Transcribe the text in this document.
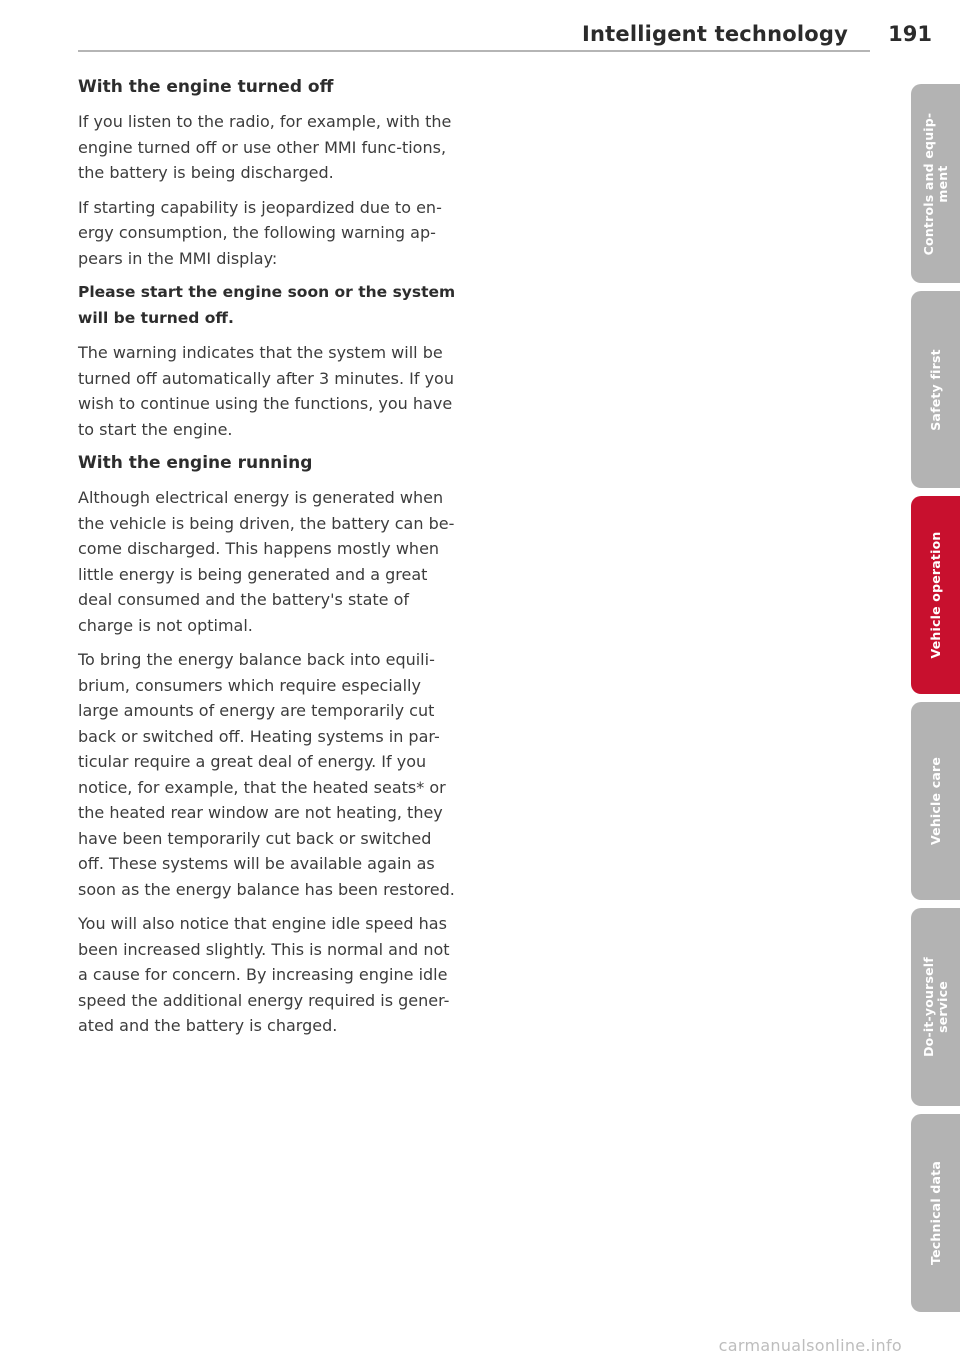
Intelligent technology 191
With the engine turned off

If you listen to the radio, for example, with the engine turned off or use other MMI func-tions, the battery is being discharged.

If starting capability is jeopardized due to en-ergy consumption, the following warning ap-pears in the MMI display:

Please start the engine soon or the system will be turned off.

The warning indicates that the system will be turned off automatically after 3 minutes. If you wish to continue using the functions, you have to start the engine.

With the engine running

Although electrical energy is generated when the vehicle is being driven, the battery can be-come discharged. This happens mostly when little energy is being generated and a great deal consumed and the battery's state of charge is not optimal.

To bring the energy balance back into equili-brium, consumers which require especially large amounts of energy are temporarily cut back or switched off. Heating systems in par-ticular require a great deal of energy. If you notice, for example, that the heated seats* or the heated rear window are not heating, they have been temporarily cut back or switched off. These systems will be available again as soon as the energy balance has been restored.

You will also notice that engine idle speed has been increased slightly. This is normal and not a cause for concern. By increasing engine idle speed the additional energy required is gener-ated and the battery is charged.

Controls and equip-
ment
Safety first
Vehicle operation
Vehicle care
Do-it-yourself
service
Technical data
carmanualsonline.info
